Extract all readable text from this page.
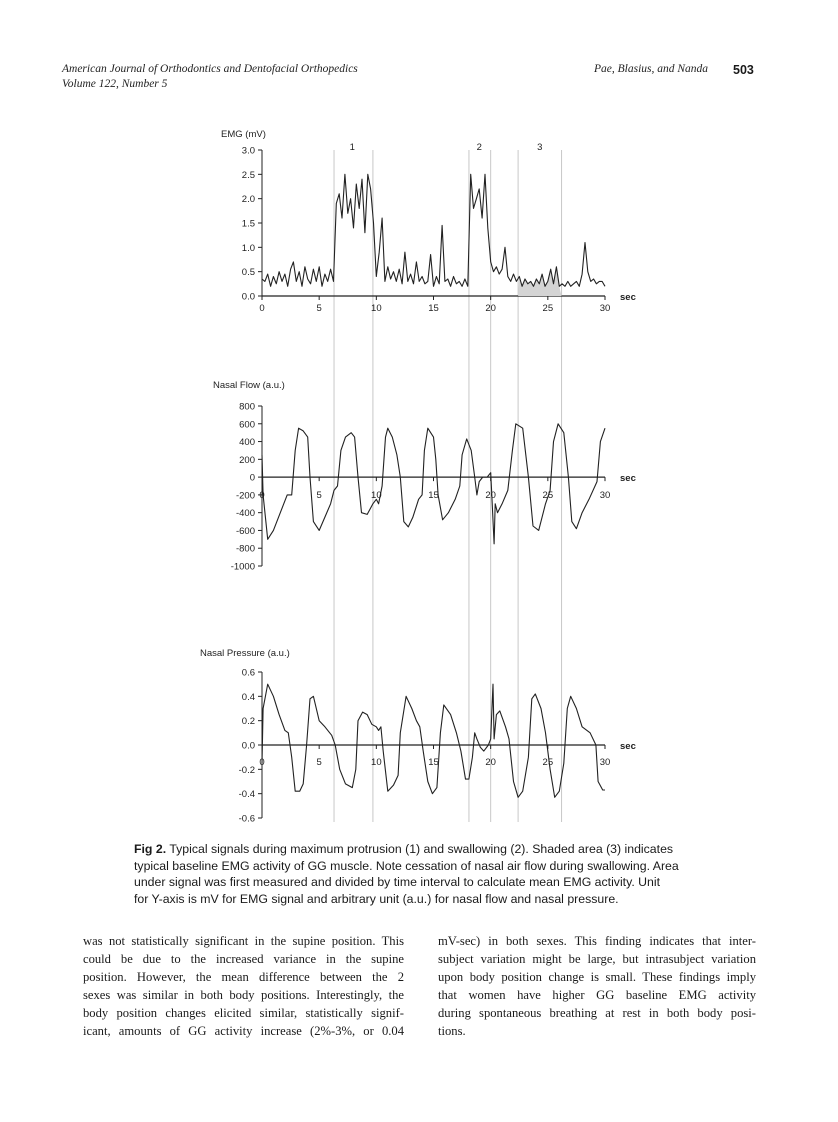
American Journal of Orthodontics and Dentofacial Orthopedics
Volume 122, Number 5
Pae, Blasius, and Nanda 503
EMG (mV)
3.0
2.5
2.0
1.5
1.0
0.5
0.0
0	5	10	15	20	25	30
sec
1	2	3
Nasal Flow (a.u.)
800
600
400
200
0
-200
-400
-600
-800
-1000
0	5	10	15	20	25	30
sec
Nasal Pressure (a.u.)
0.6
0.4
0.2
0.0
-0.2
-0.4
-0.6
0	5	10	15	20	25	30
sec
Fig 2. Typical signals during maximum protrusion (1) and swallowing (2). Shaded area (3) indicates
typical baseline EMG activity of GG muscle. Note cessation of nasal air flow during swallowing. Area
under signal was first measured and divided by time interval to calculate mean EMG activity. Unit
for Y-axis is mV for EMG signal and arbitrary unit (a.u.) for nasal flow and nasal pressure.
was not statistically significant in the supine position. This
could be due to the increased variance in the supine
position. However, the mean difference between the 2
sexes was similar in both body positions. Interestingly, the
body position changes elicited similar, statistically signif-
icant, amounts of GG activity increase (2%-3%, or 0.04
mV-sec) in both sexes. This finding indicates that inter-
subject variation might be large, but intrasubject variation
upon body position change is small. These findings imply
that women have higher GG baseline EMG activity
during spontaneous breathing at rest in both body posi-
tions.
